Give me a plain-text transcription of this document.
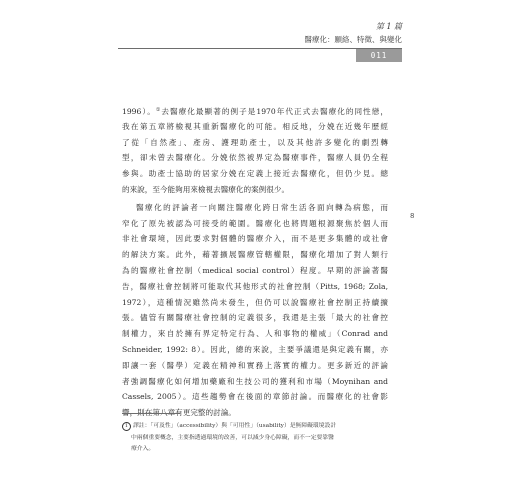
第 1 篇
醫療化：願絡、特徵、與變化
011
1996）。①去醫療化最顯著的例子是1970年代正式去醫療化的同性戀，
我在第五章將檢視其重新醫療化的可能。相反地，分娩在近幾年歷經
了從「自然產」、產房、護理助產士，以及其他許多變化的劇烈轉
型，卻未曾去醫療化。分娩依然被界定為醫療事件，醫療人員仍全程
參與。助產士協助的居家分娩在定義上接近去醫療化，但仍少見。總
的來說，至今能夠用來檢視去醫療化的案例很少。
醫療化的評論者一向關注醫療化跨日常生活各面向轉為病態，而
窄化了原先被認為可接受的範圍。醫療化也將問題根源聚焦於個人而
非社會環境，因此要求對個體的醫療介入，而不是更多集體的或社會
的解決方案。此外，藉著擴展醫療管轄權限，醫療化增加了對人類行
為的醫療社會控制（medical social control）程度。早期的評論著醫
告，醫療社會控制將可能取代其他形式的社會控制（Pitts, 1968; Zola,
1972），這種情況雖然尚未發生，但仍可以說醫療社會控制正持續擴
張。儘管有關醫療社會控制的定義很多，我還是主張「最大的社會控
制權力，來自於擁有界定特定行為、人和事物的權威」（Conrad and
Schneider, 1992: 8）。因此，總的來說，主要爭議還是與定義有關，亦
即讓一套（醫學）定義在精神和實務上落實的權力。更多新近的評論
者強調醫療化如何增加藥廠和生技公司的獲利和市場（Moynihan and
Cassels, 2005）。這些趨勢會在後面的章節討論。而醫療化的社會影
響，則在第八章有更完整的討論。
8
1 譯註：「可及性」（accessibility）與「可用性」（usability）是無障礙環境設計
中兩個重要概念，主要指透過環境的改善，可以減少身心障礙，而不一定要靠醫
療介入。
